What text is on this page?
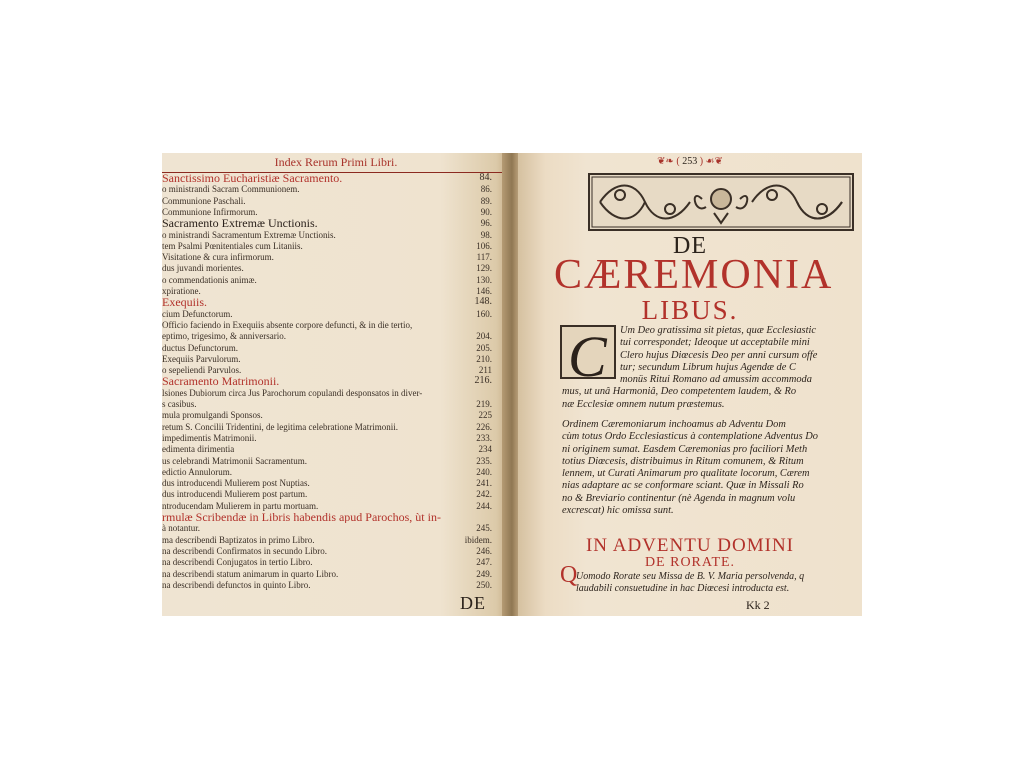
Index Rerum Primi Libri.
Sanctissimo Eucharistiæ Sacramento.	84.
o ministrandi Sacram Communionem.	86.
Communione Paschali.	89.
Communione Infirmorum.	90.
Sacramento Extremæ Unctionis.	96.
o ministrandi Sacramentum Extremæ Unctionis.	98.
tem Psalmi Pœnitentiales cum Litaniis.	106.
Visitatione & cura infirmorum.	117.
dus juvandi morientes.	129.
o commendationis animæ.	130.
xpiratione.	146.
Exequiis.	148.
cium Defunctorum.	160.
Officio faciendo in Exequiis absente corpore defuncti, & in die tertio,
eptimo, trigesimo, & anniversario.	204.
ductus Defunctorum.	205.
Exequiis Parvulorum.	210.
o sepeliendi Parvulos.	211
Sacramento Matrimonii.	216.
lsiones Dubiorum circa Jus Parochorum copulandi desponsatos in diver-
s casibus.	219.
mula promulgandi Sponsos.	225
retum S. Concilii Tridentini, de legitima celebratione Matrimonii.	226.
impedimentis Matrimonii.	233.
edimenta dirimentia	234
us celebrandi Matrimonii Sacramentum.	235.
edictio Annulorum.	240.
dus introducendi Mulierem post Nuptias.	241.
dus introducendi Mulierem post partum.	242.
ntroducendam Mulierem in partu mortuam.	244.
rmulæ Scribendæ in Libris habendis apud Parochos, ùt in-
à notantur.	245.
ma describendi Baptizatos in primo Libro.	ibidem.
na describendi Confirmatos in secundo Libro.	246.
na describendi Conjugatos in tertio Libro.	247.
na describendi statum animarum in quarto Libro.	249.
na describendi defunctos in quinto Libro.	250.
DE
❦❧ ( 253 ) ☙❦
DE
CÆREMONIA
LIBUS.
C	Um Deo gratissima sit pietas, quæ Ecclesiastic
tui correspondet; Ideoque ut acceptabile mini
Clero hujus Diœcesis Deo per anni cursum offe
tur; secundum Librum hujus Agendæ de C
monüs Ritui Romano ad amussim accommoda
mus, ut unâ Harmoniâ, Deo competentem laudem, & Ro
næ Ecclesiæ omnem nutum præstemus.
Ordinem Cæremoniarum inchoamus ab Adventu Dom
cùm totus Ordo Ecclesiasticus à contemplatione Adventus Do
ni originem sumat. Easdem Cæremonias pro faciliori Meth
totius Diœcesis, distribuimus in Ritum comunem, & Ritum
lennem, ut Curati Animarum pro qualitate locorum, Cærem
nias adaptare ac se conformare sciant. Quæ in Missali Ro
no & Breviario continentur (nè Agenda in magnum volu
excrescat) hic omissa sunt.
IN ADVENTU DOMINI
DE RORATE.
Q
Uomodo Rorate seu Missa de B. V. Maria persolvenda, q
laudabili consuetudine in hac Diœcesi introducta est.
Kk 2
